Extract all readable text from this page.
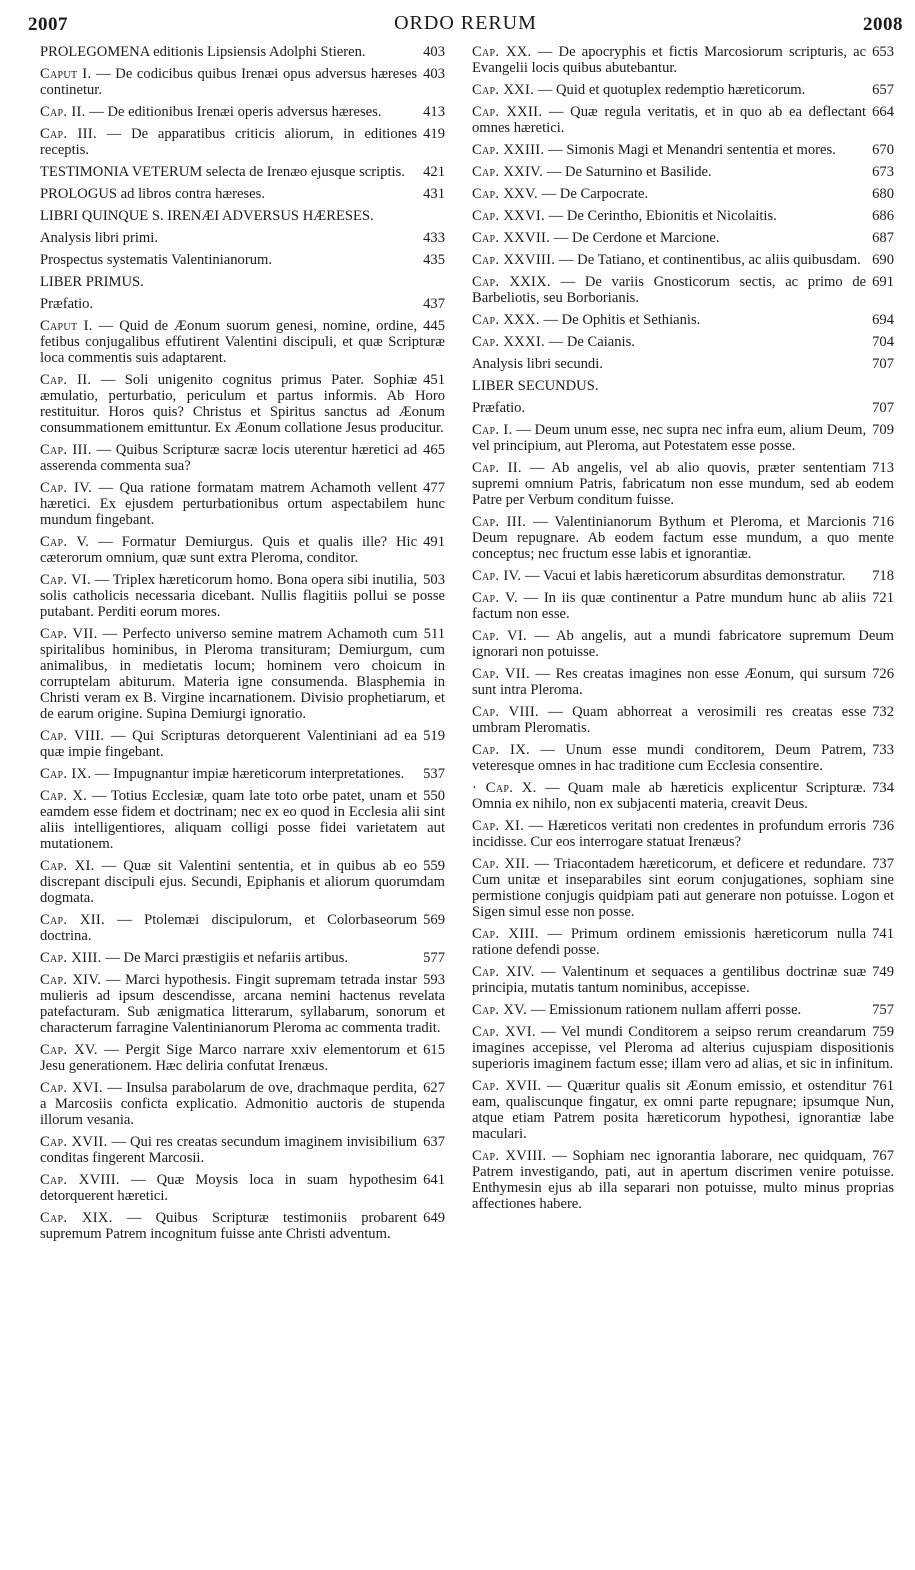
2007	ORDO RERUM	2008

403
PROLEGOMENA editionis Lipsiensis Adolphi Stieren.

403
Caput I. — De codicibus quibus Irenæi opus adversus hæreses continetur.

413
Cap. II. — De editionibus Irenæi operis adversus hæreses.

419
Cap. III. — De apparatibus criticis aliorum, in editiones receptis.

421
TESTIMONIA VETERUM selecta de Irenæo ejusque scriptis.

431
PROLOGUS ad libros contra hæreses.

LIBRI QUINQUE S. IRENÆI ADVERSUS HÆRESES.

433
Analysis libri primi.

435
Prospectus systematis Valentinianorum.

LIBER PRIMUS.

437
Præfatio.

445
Caput I. — Quid de Æonum suorum genesi, nomine, ordine, fetibus conjugalibus effutirent Valentini discipuli, et quæ Scripturæ loca commentis suis adaptarent.

451
Cap. II. — Soli unigenito cognitus primus Pater. Sophiæ æmulatio, perturbatio, periculum et partus informis. Ab Horo restituitur. Horos quis? Christus et Spiritus sanctus ad Æonum consummationem emittuntur. Ex Æonum collatione Jesus producitur.

465
Cap. III. — Quibus Scripturæ sacræ locis uterentur hæretici ad asserenda commenta sua?

477
Cap. IV. — Qua ratione formatam matrem Achamoth vellent hæretici. Ex ejusdem perturbationibus ortum aspectabilem hunc mundum fingebant.

491
Cap. V. — Formatur Demiurgus. Quis et qualis ille? Hic cæterorum omnium, quæ sunt extra Pleroma, conditor.

503
Cap. VI. — Triplex hæreticorum homo. Bona opera sibi inutilia, solis catholicis necessaria dicebant. Nullis flagitiis pollui se posse putabant. Perditi eorum mores.

511
Cap. VII. — Perfecto universo semine matrem Achamoth cum spiritalibus hominibus, in Pleroma transituram; Demiurgum, cum animalibus, in medietatis locum; hominem vero choicum in corruptelam abiturum. Materia igne consumenda. Blasphemia in Christi veram ex B. Virgine incarnationem. Divisio prophetiarum, et de earum origine. Supina Demiurgi ignoratio.

519
Cap. VIII. — Qui Scripturas detorquerent Valentiniani ad ea quæ impie fingebant.

537
Cap. IX. — Impugnantur impiæ hæreticorum interpretationes.

550
Cap. X. — Totius Ecclesiæ, quam late toto orbe patet, unam et eamdem esse fidem et doctrinam; nec ex eo quod in Ecclesia alii sint aliis intelligentiores, aliquam colligi posse fidei varietatem aut mutationem.

559
Cap. XI. — Quæ sit Valentini sententia, et in quibus ab eo discrepant discipuli ejus. Secundi, Epiphanis et aliorum quorumdam dogmata.

569
Cap. XII. — Ptolemæi discipulorum, et Colorbaseorum doctrina.

577
Cap. XIII. — De Marci præstigiis et nefariis artibus.

593
Cap. XIV. — Marci hypothesis. Fingit supremam tetrada instar mulieris ad ipsum descendisse, arcana nemini hactenus revelata patefacturam. Sub ænigmatica litterarum, syllabarum, sonorum et characterum farragine Valentinianorum Pleroma ac commenta tradit.

615
Cap. XV. — Pergit Sige Marco narrare xxiv elementorum et Jesu generationem. Hæc deliria confutat Irenæus.

627
Cap. XVI. — Insulsa parabolarum de ove, drachmaque perdita, a Marcosiis conficta explicatio. Admonitio auctoris de stupenda illorum vesania.

637
Cap. XVII. — Qui res creatas secundum imaginem invisibilium conditas fingerent Marcosii.

641
Cap. XVIII. — Quæ Moysis loca in suam hypothesim detorquerent hæretici.

649
Cap. XIX. — Quibus Scripturæ testimoniis probarent supremum Patrem incognitum fuisse ante Christi adventum.

653
Cap. XX. — De apocryphis et fictis Marcosiorum scripturis, ac Evangelii locis quibus abutebantur.

657
Cap. XXI. — Quid et quotuplex redemptio hæreticorum.

664
Cap. XXII. — Quæ regula veritatis, et in quo ab ea deflectant omnes hæretici.

670
Cap. XXIII. — Simonis Magi et Menandri sententia et mores.

673
Cap. XXIV. — De Saturnino et Basilide.

680
Cap. XXV. — De Carpocrate.

686
Cap. XXVI. — De Cerintho, Ebionitis et Nicolaitis.

687
Cap. XXVII. — De Cerdone et Marcione.

690
Cap. XXVIII. — De Tatiano, et continentibus, ac aliis quibusdam.

691
Cap. XXIX. — De variis Gnosticorum sectis, ac primo de Barbeliotis, seu Borborianis.

694
Cap. XXX. — De Ophitis et Sethianis.

704
Cap. XXXI. — De Caianis.

707
Analysis libri secundi.

LIBER SECUNDUS.

707
Præfatio.

709
Cap. I. — Deum unum esse, nec supra nec infra eum, alium Deum, vel principium, aut Pleroma, aut Potestatem esse posse.

713
Cap. II. — Ab angelis, vel ab alio quovis, præter sententiam supremi omnium Patris, fabricatum non esse mundum, sed ab eodem Patre per Verbum conditum fuisse.

716
Cap. III. — Valentinianorum Bythum et Pleroma, et Marcionis Deum repugnare. Ab eodem factum esse mundum, a quo mente conceptus; nec fructum esse labis et ignorantiæ.

718
Cap. IV. — Vacui et labis hæreticorum absurditas demonstratur.

721
Cap. V. — In iis quæ continentur a Patre mundum hunc ab aliis factum non esse.

Cap. VI. — Ab angelis, aut a mundi fabricatore supremum Deum ignorari non potuisse.

726
Cap. VII. — Res creatas imagines non esse Æonum, qui sursum sunt intra Pleroma.

732
Cap. VIII. — Quam abhorreat a verosimili res creatas esse umbram Pleromatis.

733
Cap. IX. — Unum esse mundi conditorem, Deum Patrem, veteresque omnes in hac traditione cum Ecclesia consentire.

734
· Cap. X. — Quam male ab hæreticis explicentur Scripturæ. Omnia ex nihilo, non ex subjacenti materia, creavit Deus.

736
Cap. XI. — Hæreticos veritati non credentes in profundum erroris incidisse. Cur eos interrogare statuat Irenæus?

737
Cap. XII. — Triacontadem hæreticorum, et deficere et redundare. Cum unitæ et inseparabiles sint eorum conjugationes, sophiam sine permistione conjugis quidpiam pati aut generare non potuisse. Logon et Sigen simul esse non posse.

741
Cap. XIII. — Primum ordinem emissionis hæreticorum nulla ratione defendi posse.

749
Cap. XIV. — Valentinum et sequaces a gentilibus doctrinæ suæ principia, mutatis tantum nominibus, accepisse.

757
Cap. XV. — Emissionum rationem nullam afferri posse.

759
Cap. XVI. — Vel mundi Conditorem a seipso rerum creandarum imagines accepisse, vel Pleroma ad alterius cujuspiam dispositionis superioris imaginem factum esse; illam vero ad alias, et sic in infinitum.

761
Cap. XVII. — Quæritur qualis sit Æonum emissio, et ostenditur eam, qualiscunque fingatur, ex omni parte repugnare; ipsumque Nun, atque etiam Patrem posita hæreticorum hypothesi, ignorantiæ labe maculari.

767
Cap. XVIII. — Sophiam nec ignorantia laborare, nec quidquam, Patrem investigando, pati, aut in apertum discrimen venire potuisse. Enthymesin ejus ab illa separari non potuisse, multo minus proprias affectiones habere.
